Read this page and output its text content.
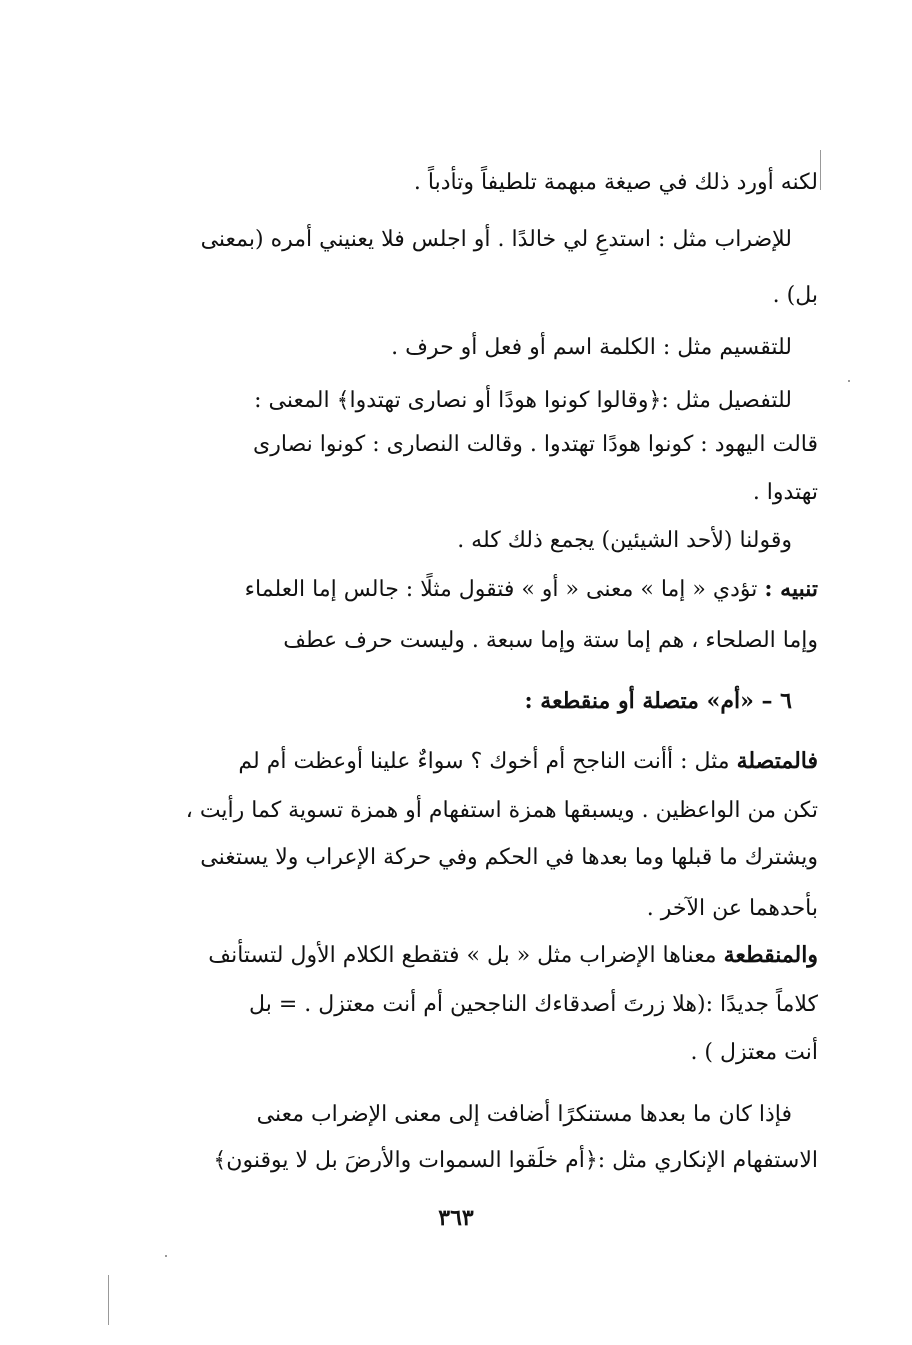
لكنه أورد ذلك في صيغة مبهمة تلطيفاً وتأدباً .
للإضراب مثل : استدعِ لي خالدًا . أو اجلس فلا يعنيني أمره (بمعنى
بل) .
للتقسيم مثل : الكلمة اسم أو فعل أو حرف .
للتفصيل مثل :﴿وقالوا كونوا هودًا أو نصارى تهتدوا﴾ المعنى :
قالت اليهود : كونوا هودًا تهتدوا . وقالت النصارى : كونوا نصارى
تهتدوا .
وقولنا (لأحد الشيئين) يجمع ذلك كله .
تنبيه : تؤدي « إما » معنى « أو » فتقول مثلًا : جالس إما العلماء
وإما الصلحاء ، هم إما ستة وإما سبعة . وليست حرف عطف
٦ – «أم» متصلة أو منقطعة :
فالمتصلة مثل : أأنت الناجح أم أخوك ؟ سواءٌ علينا أوعظت أم لم
تكن من الواعظين . ويسبقها همزة استفهام أو همزة تسوية كما رأيت ،
ويشترك ما قبلها وما بعدها في الحكم وفي حركة الإعراب ولا يستغنى
بأحدهما عن الآخر .
والمنقطعة معناها الإضراب مثل « بل » فتقطع الكلام الأول لتستأنف
كلاماً جديدًا :(هلا زرتَ أصدقاءك الناجحين أم أنت معتزل . = بل
أنت معتزل ) .
فإذا كان ما بعدها مستنكرًا أضافت إلى معنى الإضراب معنى
الاستفهام الإنكاري مثل :﴿أم خلَقوا السموات والأرضَ بل لا يوقنون﴾
٣٦٣
